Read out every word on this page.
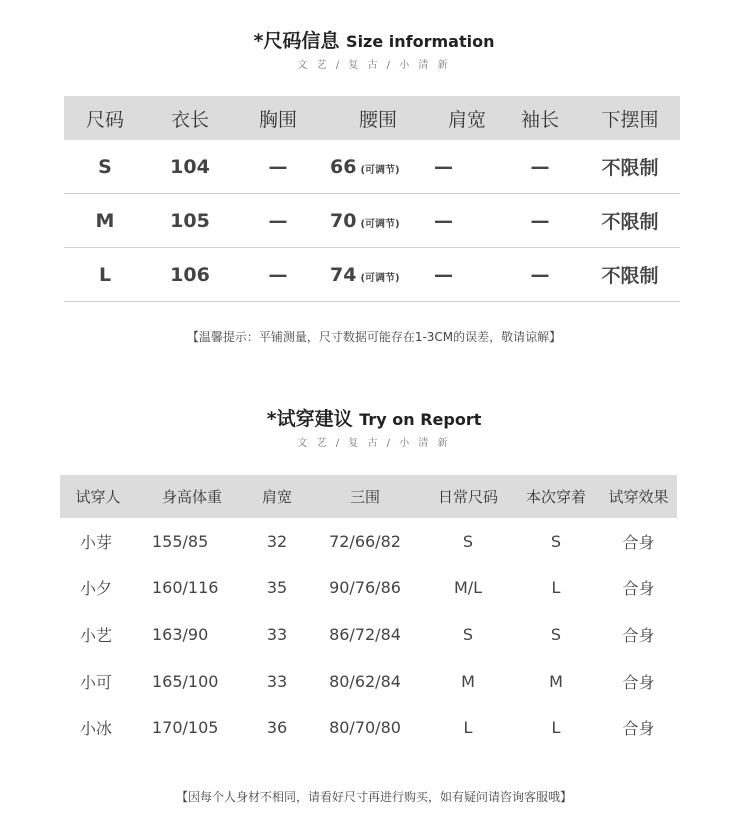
*尺码信息 Size information
文 艺 / 复 古 / 小 清 新
尺码	衣长	胸围	腰围	肩宽	袖长	下摆围
S	104	—	66 (可调节)	—	—	不限制
M	105	—	70 (可调节)	—	—	不限制
L	106	—	74 (可调节)	—	—	不限制
【温馨提示：平铺测量，尺寸数据可能存在1-3CM的误差，敬请谅解】
*试穿建议 Try on Report
文 艺 / 复 古 / 小 清 新
试穿人	身高体重	肩宽	三围	日常尺码	本次穿着	试穿效果
小芽	155/85	32	72/66/82	S	S	合身
小夕	160/116	35	90/76/86	M/L	L	合身
小艺	163/90	33	86/72/84	S	S	合身
小可	165/100	33	80/62/84	M	M	合身
小冰	170/105	36	80/70/80	L	L	合身
【因每个人身材不相同，请看好尺寸再进行购买，如有疑问请咨询客服哦】
